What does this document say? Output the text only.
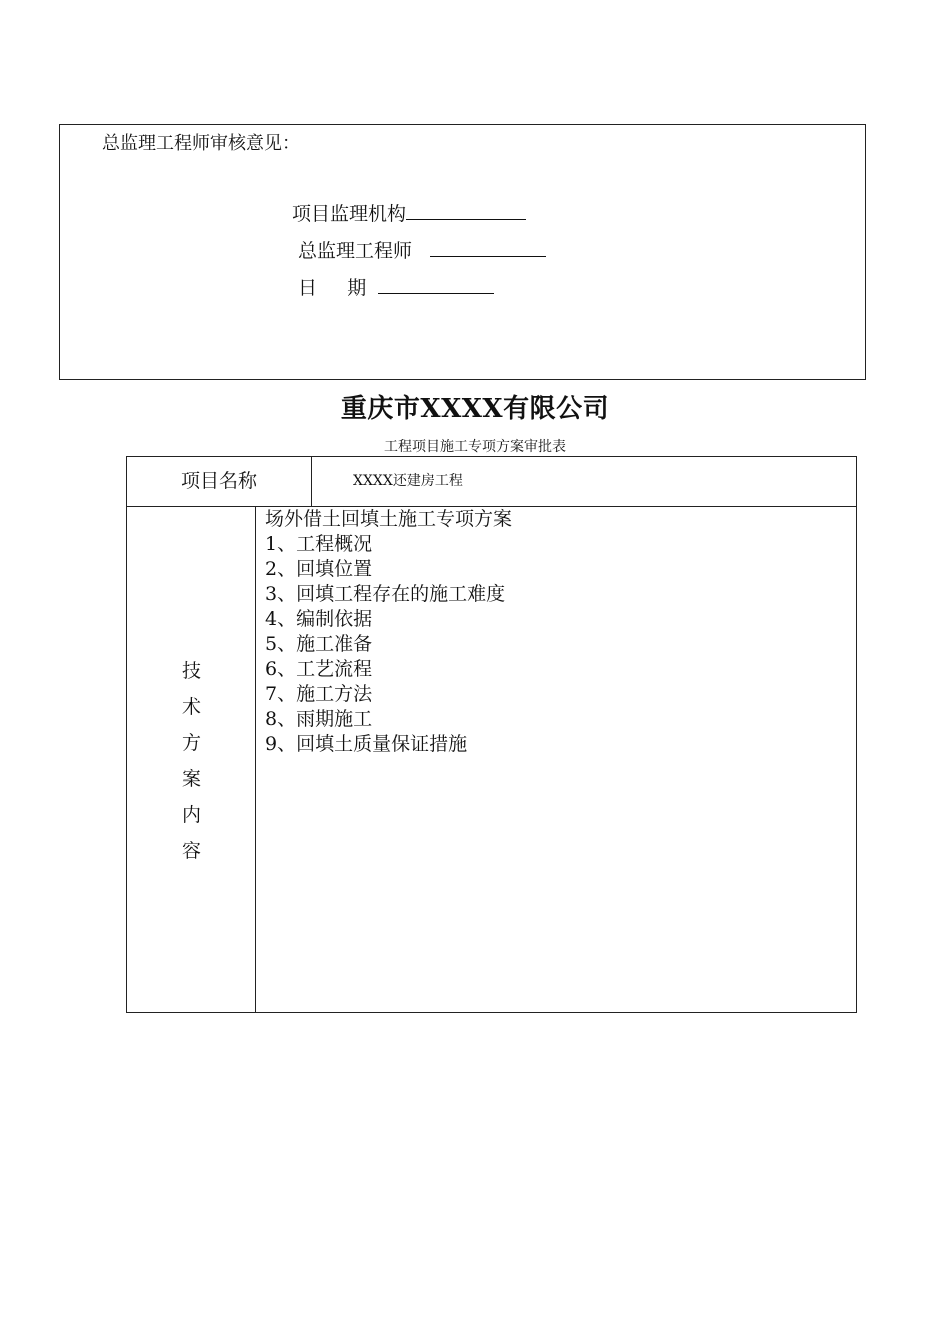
总监理工程师审核意见：
项目监理机构
总监理工程师
日     期
重庆市XXXX有限公司
工程项目施工专项方案审批表
项目名称	XXXX还建房工程
技
术
方
案
内
容
场外借土回填土施工专项方案
1、工程概况
2、回填位置
3、回填工程存在的施工难度
4、编制依据
5、施工准备
6、工艺流程
7、施工方法
8、雨期施工
9、回填土质量保证措施
